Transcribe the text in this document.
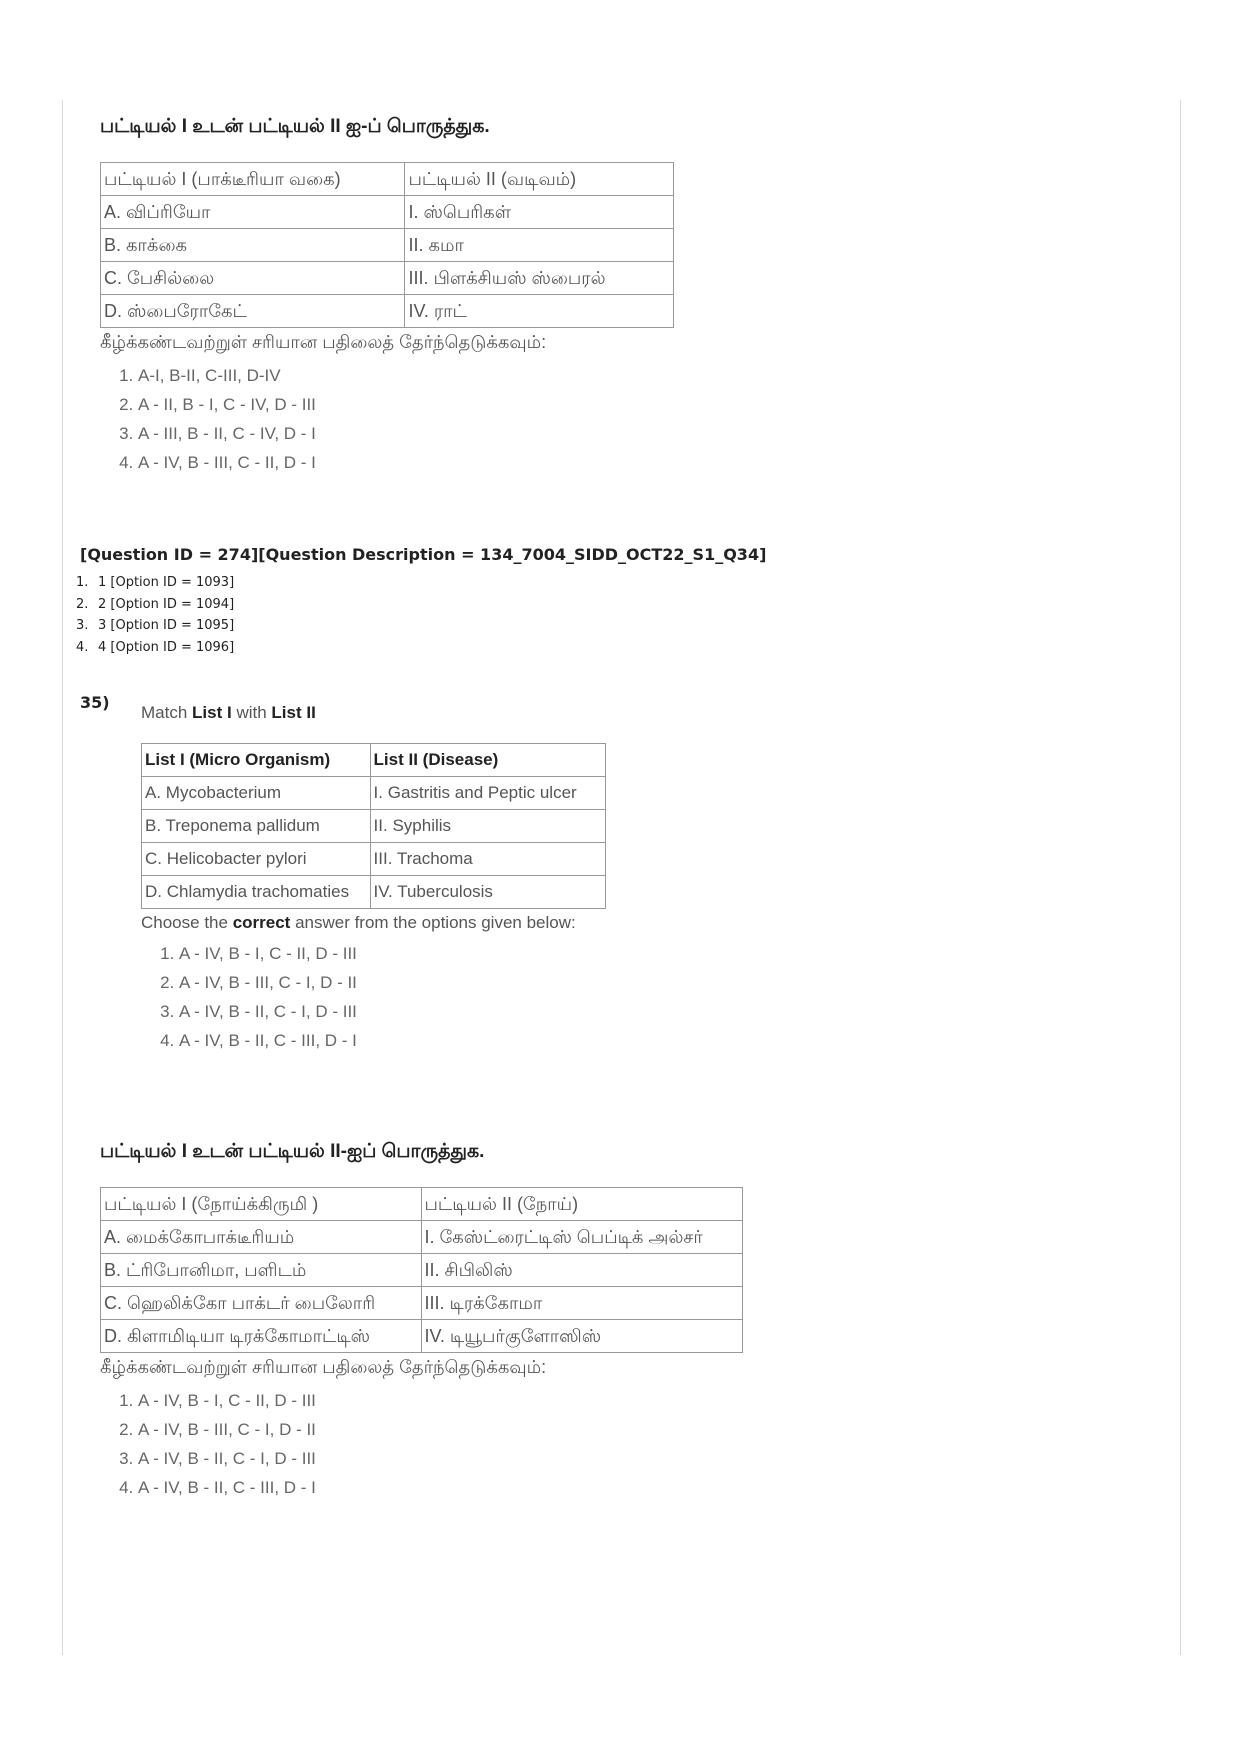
பட்டியல் I உடன் பட்டியல் II ஐ-ப் பொருத்துக.
பட்டியல் I (பாக்டீரியா வகை)	பட்டியல் II (வடிவம்)
A. விப்ரியோ	I. ஸ்பெரிகள்
B. காக்கை	II. கமா
C. பேசில்லை	III. பிளக்சியஸ் ஸ்பைரல்
D. ஸ்பைரோகேட்	IV. ராட்
கீழ்க்கண்டவற்றுள் சரியான பதிலைத் தேர்ந்தெடுக்கவும்:
1. A-I, B-II, C-III, D-IV
2. A - II, B - I, C - IV, D - III
3. A - III, B - II, C - IV, D - I
4. A - IV, B - III, C - II, D - I
[Question ID = 274][Question Description = 134_7004_SIDD_OCT22_S1_Q34]
1. 1 [Option ID = 1093]
2. 2 [Option ID = 1094]
3. 3 [Option ID = 1095]
4. 4 [Option ID = 1096]
35)
Match List I with List II
List I (Micro Organism)	List II (Disease)
A. Mycobacterium	I. Gastritis and Peptic ulcer
B. Treponema pallidum	II. Syphilis
C. Helicobacter pylori	III. Trachoma
D. Chlamydia trachomaties	IV. Tuberculosis
Choose the correct answer from the options given below:
1. A - IV, B - I, C - II, D - III
2. A - IV, B - III, C - I, D - II
3. A - IV, B - II, C - I, D - III
4. A - IV, B - II, C - III, D - I
பட்டியல் I உடன் பட்டியல் II-ஐப் பொருத்துக.
பட்டியல் I (நோய்க்கிருமி )	பட்டியல் II (நோய்)
A. மைக்கோபாக்டீரியம்	I. கேஸ்ட்ரைட்டிஸ் பெப்டிக் அல்சர்
B. ட்ரிபோனிமா, பளிடம்	II. சிபிலிஸ்
C. ஹெலிக்கோ பாக்டர் பைலோரி	III. டிரக்கோமா
D. கிளாமிடியா டிரக்கோமாட்டிஸ்	IV. டியூபர்குளோஸிஸ்
கீழ்க்கண்டவற்றுள் சரியான பதிலைத் தேர்ந்தெடுக்கவும்:
1. A - IV, B - I, C - II, D - III
2. A - IV, B - III, C - I, D - II
3. A - IV, B - II, C - I, D - III
4. A - IV, B - II, C - III, D - I
